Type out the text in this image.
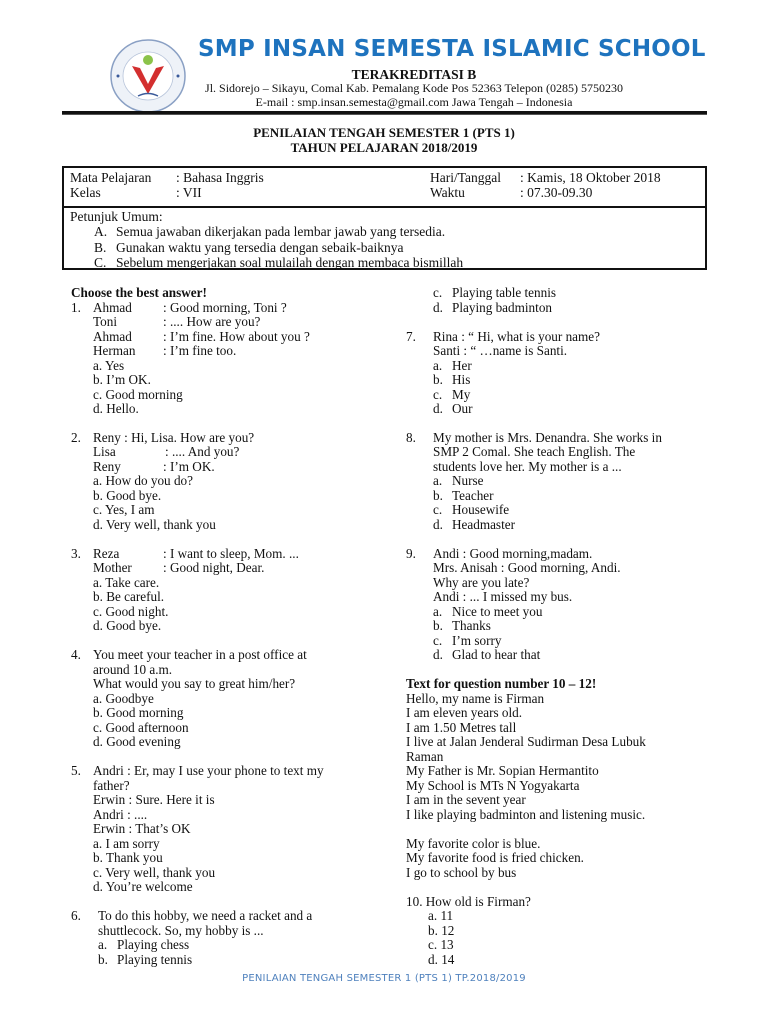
SMP INSAN SEMESTA ISLAMIC SCHOOL
TERAKREDITASI B
Jl. Sidorejo – Sikayu, Comal Kab. Pemalang Kode Pos 52363 Telepon (0285) 5750230
E-mail : smp.insan.semesta@gmail.com Jawa Tengah – Indonesia
PENILAIAN TENGAH SEMESTER 1 (PTS 1)
TAHUN PELAJARAN 2018/2019
Mata Pelajaran : Bahasa Inggris
Kelas	: VII
Hari/Tanggal : Kamis, 18 Oktober 2018
Waktu	: 07.30-09.30
Petunjuk Umum:
A. Semua jawaban dikerjakan pada lembar jawab yang tersedia.
B. Gunakan waktu yang tersedia dengan sebaik-baiknya
C. Sebelum mengerjakan soal mulailah dengan membaca bismillah
Choose the best answer!
1. Ahmad : Good morning, Toni ?
Toni	: .... How are you?
Ahmad : I’m fine. How about you ?
Herman : I’m fine too.
a. Yes
b. I’m OK.
c. Good morning
d. Hello.
2. Reny : Hi, Lisa. How are you?
Lisa	: .... And you?
Reny	: I’m OK.
a. How do you do?
b. Good bye.
c. Yes, I am
d. Very well, thank you
3. Reza	: I want to sleep, Mom. ...
Mother : Good night, Dear.
a. Take care.
b. Be careful.
c. Good night.
d. Good bye.
4. You meet your teacher in a post office at
around 10 a.m.
What would you say to great him/her?
a. Goodbye
b. Good morning
c. Good afternoon
d. Good evening
5. Andri : Er, may I use your phone to text my
father?
Erwin : Sure. Here it is
Andri : ....
Erwin : That’s OK
a. I am sorry
b. Thank you
c. Very well, thank you
d. You’re welcome
6. To do this hobby, we need a racket and a
shuttlecock. So, my hobby is ...
a. Playing chess
b. Playing tennis
c. Playing table tennis
d. Playing badminton
7. Rina : “ Hi, what is your name?
Santi : “ …name is Santi.
a. Her
b. His
c. My
d. Our
8. My mother is Mrs. Denandra. She works in
SMP 2 Comal. She teach English. The
students love her. My mother is a ...
a. Nurse
b. Teacher
c. Housewife
d. Headmaster
9. Andi : Good morning,madam.
Mrs. Anisah : Good morning, Andi.
Why are you late?
Andi : ... I missed my bus.
a. Nice to meet you
b. Thanks
c. I’m sorry
d. Glad to hear that
Text for question number 10 – 12!
Hello, my name is Firman
I am eleven years old.
I am 1.50 Metres tall
I live at Jalan Jenderal Sudirman Desa Lubuk
Raman
My Father is Mr. Sopian Hermantito
My School is MTs N Yogyakarta
I am in the sevent year
I like playing badminton and listening music.
My favorite color is blue.
My favorite food is fried chicken.
I go to school by bus
10. How old is Firman?
a. 11
b. 12
c. 13
d. 14
PENILAIAN TENGAH SEMESTER 1 (PTS 1) TP.2018/2019
